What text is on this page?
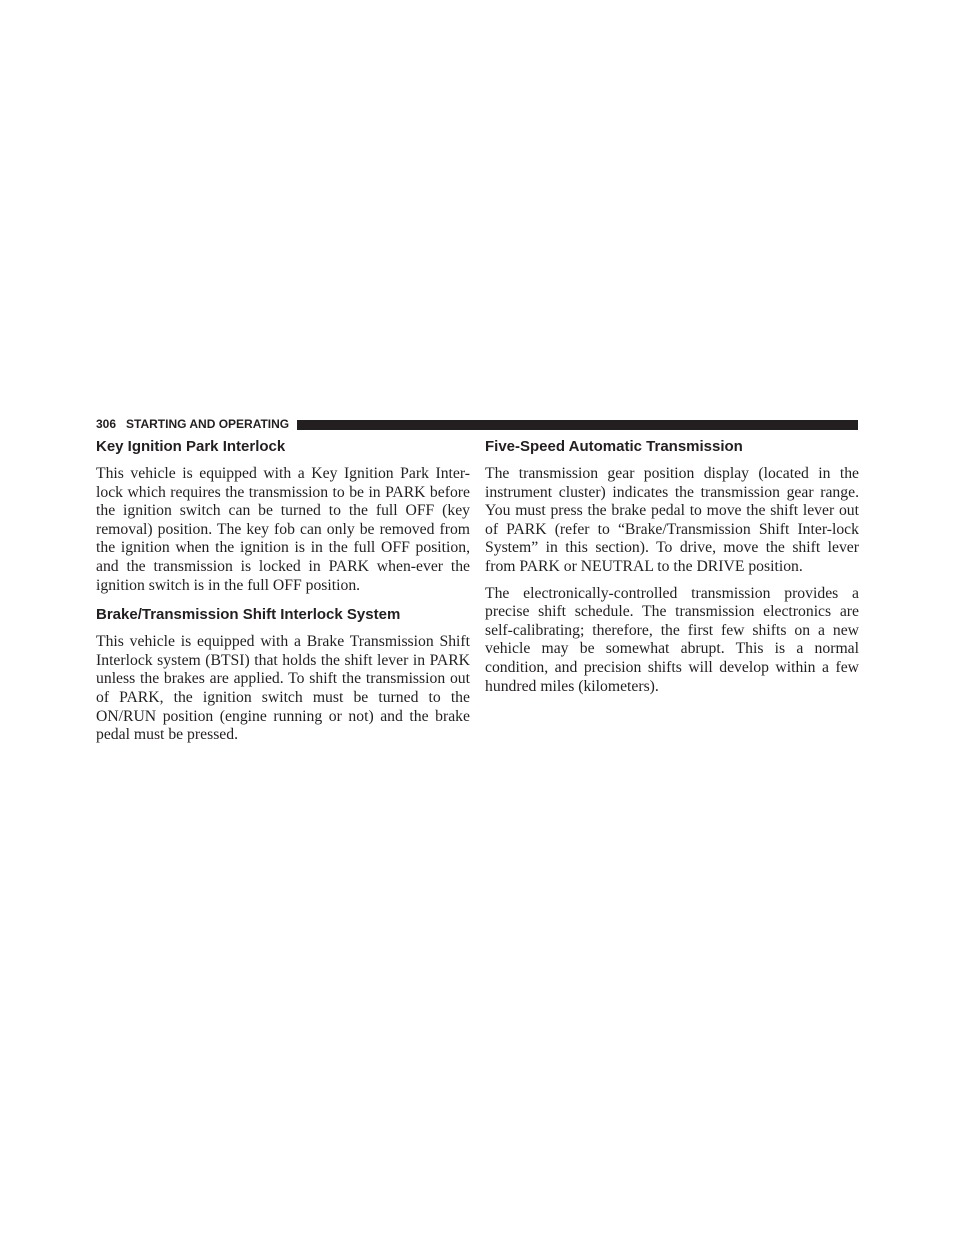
306 STARTING AND OPERATING
Key Ignition Park Interlock

This vehicle is equipped with a Key Ignition Park Inter-lock which requires the transmission to be in PARK before the ignition switch can be turned to the full OFF (key removal) position. The key fob can only be removed from the ignition when the ignition is in the full OFF position, and the transmission is locked in PARK when-ever the ignition switch is in the full OFF position.

Brake/Transmission Shift Interlock System

This vehicle is equipped with a Brake Transmission Shift Interlock system (BTSI) that holds the shift lever in PARK unless the brakes are applied. To shift the transmission out of PARK, the ignition switch must be turned to the ON/RUN position (engine running or not) and the brake pedal must be pressed.

Five-Speed Automatic Transmission

The transmission gear position display (located in the instrument cluster) indicates the transmission gear range. You must press the brake pedal to move the shift lever out of PARK (refer to “Brake/Transmission Shift Inter-lock System” in this section). To drive, move the shift lever from PARK or NEUTRAL to the DRIVE position.

The electronically-controlled transmission provides a precise shift schedule. The transmission electronics are self-calibrating; therefore, the first few shifts on a new vehicle may be somewhat abrupt. This is a normal condition, and precision shifts will develop within a few hundred miles (kilometers).
